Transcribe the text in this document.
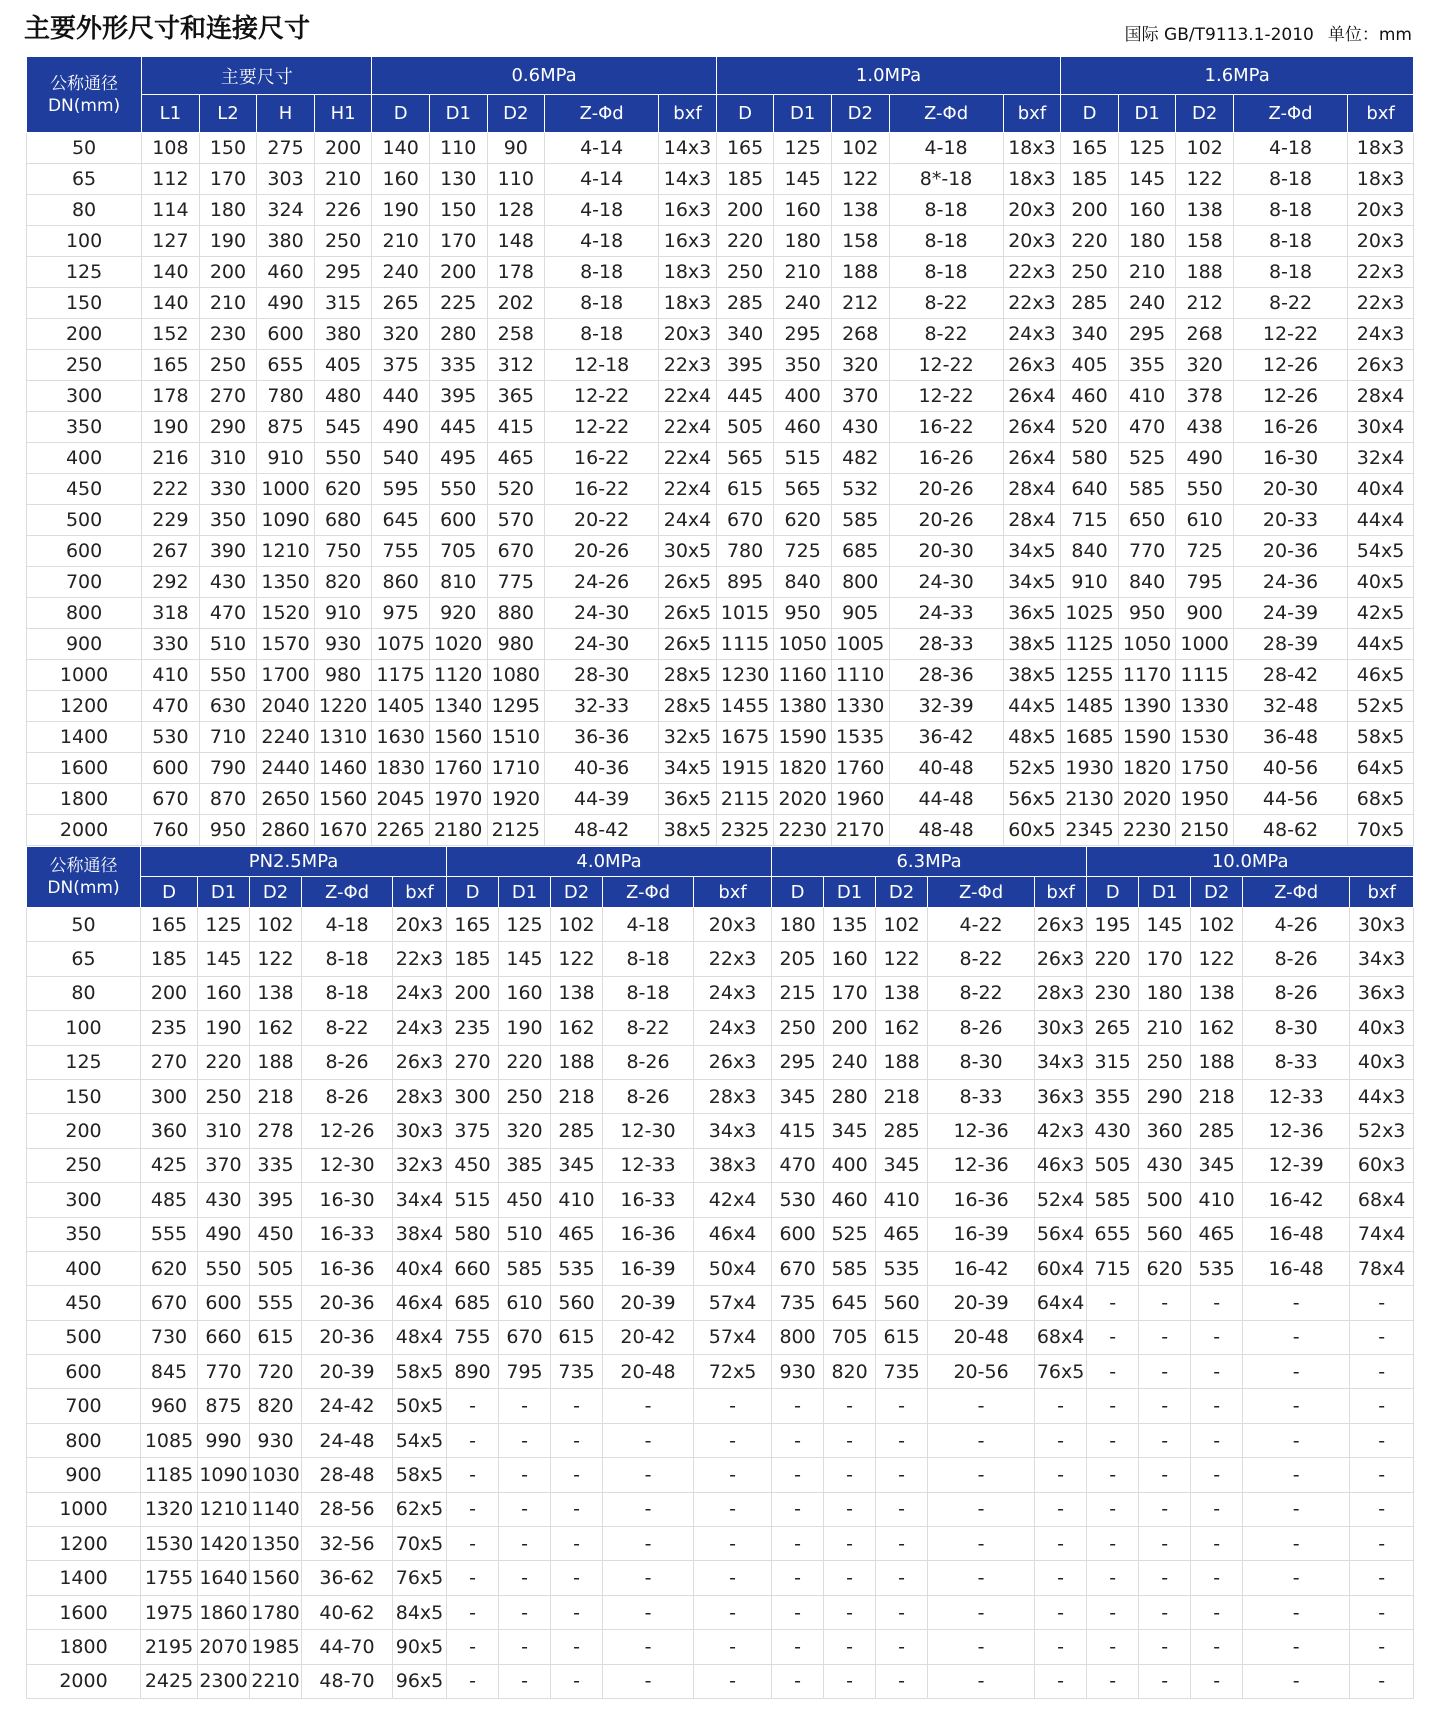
主要外形尺寸和连接尺寸	国际 GB/T9113.1-2010 单位：mm
公称通径
DN(mm)	主要尺寸				0.6MPa					1.0MPa					1.6MPa				
	L1	L2	H	H1	D	D1	D2	Z-Φd	bxf	D	D1	D2	Z-Φd	bxf	D	D1	D2	Z-Φd	bxf
50	108	150	275	200	140	110	90	4-14	14x3	165	125	102	4-18	18x3	165	125	102	4-18	18x3
65	112	170	303	210	160	130	110	4-14	14x3	185	145	122	8*-18	18x3	185	145	122	8-18	18x3
80	114	180	324	226	190	150	128	4-18	16x3	200	160	138	8-18	20x3	200	160	138	8-18	20x3
100	127	190	380	250	210	170	148	4-18	16x3	220	180	158	8-18	20x3	220	180	158	8-18	20x3
125	140	200	460	295	240	200	178	8-18	18x3	250	210	188	8-18	22x3	250	210	188	8-18	22x3
150	140	210	490	315	265	225	202	8-18	18x3	285	240	212	8-22	22x3	285	240	212	8-22	22x3
200	152	230	600	380	320	280	258	8-18	20x3	340	295	268	8-22	24x3	340	295	268	12-22	24x3
250	165	250	655	405	375	335	312	12-18	22x3	395	350	320	12-22	26x3	405	355	320	12-26	26x3
300	178	270	780	480	440	395	365	12-22	22x4	445	400	370	12-22	26x4	460	410	378	12-26	28x4
350	190	290	875	545	490	445	415	12-22	22x4	505	460	430	16-22	26x4	520	470	438	16-26	30x4
400	216	310	910	550	540	495	465	16-22	22x4	565	515	482	16-26	26x4	580	525	490	16-30	32x4
450	222	330	1000	620	595	550	520	16-22	22x4	615	565	532	20-26	28x4	640	585	550	20-30	40x4
500	229	350	1090	680	645	600	570	20-22	24x4	670	620	585	20-26	28x4	715	650	610	20-33	44x4
600	267	390	1210	750	755	705	670	20-26	30x5	780	725	685	20-30	34x5	840	770	725	20-36	54x5
700	292	430	1350	820	860	810	775	24-26	26x5	895	840	800	24-30	34x5	910	840	795	24-36	40x5
800	318	470	1520	910	975	920	880	24-30	26x5	1015	950	905	24-33	36x5	1025	950	900	24-39	42x5
900	330	510	1570	930	1075	1020	980	24-30	26x5	1115	1050	1005	28-33	38x5	1125	1050	1000	28-39	44x5
1000	410	550	1700	980	1175	1120	1080	28-30	28x5	1230	1160	1110	28-36	38x5	1255	1170	1115	28-42	46x5
1200	470	630	2040	1220	1405	1340	1295	32-33	28x5	1455	1380	1330	32-39	44x5	1485	1390	1330	32-48	52x5
1400	530	710	2240	1310	1630	1560	1510	36-36	32x5	1675	1590	1535	36-42	48x5	1685	1590	1530	36-48	58x5
1600	600	790	2440	1460	1830	1760	1710	40-36	34x5	1915	1820	1760	40-48	52x5	1930	1820	1750	40-56	64x5
1800	670	870	2650	1560	2045	1970	1920	44-39	36x5	2115	2020	1960	44-48	56x5	2130	2020	1950	44-56	68x5
2000	760	950	2860	1670	2265	2180	2125	48-42	38x5	2325	2230	2170	48-48	60x5	2345	2230	2150	48-62	70x5
公称通径
DN(mm)	PN2.5MPa					4.0MPa					6.3MPa					10.0MPa				
	D	D1	D2	Z-Φd	bxf	D	D1	D2	Z-Φd	bxf	D	D1	D2	Z-Φd	bxf	D	D1	D2	Z-Φd	bxf
50	165	125	102	4-18	20x3	165	125	102	4-18	20x3	180	135	102	4-22	26x3	195	145	102	4-26	30x3
65	185	145	122	8-18	22x3	185	145	122	8-18	22x3	205	160	122	8-22	26x3	220	170	122	8-26	34x3
80	200	160	138	8-18	24x3	200	160	138	8-18	24x3	215	170	138	8-22	28x3	230	180	138	8-26	36x3
100	235	190	162	8-22	24x3	235	190	162	8-22	24x3	250	200	162	8-26	30x3	265	210	162	8-30	40x3
125	270	220	188	8-26	26x3	270	220	188	8-26	26x3	295	240	188	8-30	34x3	315	250	188	8-33	40x3
150	300	250	218	8-26	28x3	300	250	218	8-26	28x3	345	280	218	8-33	36x3	355	290	218	12-33	44x3
200	360	310	278	12-26	30x3	375	320	285	12-30	34x3	415	345	285	12-36	42x3	430	360	285	12-36	52x3
250	425	370	335	12-30	32x3	450	385	345	12-33	38x3	470	400	345	12-36	46x3	505	430	345	12-39	60x3
300	485	430	395	16-30	34x4	515	450	410	16-33	42x4	530	460	410	16-36	52x4	585	500	410	16-42	68x4
350	555	490	450	16-33	38x4	580	510	465	16-36	46x4	600	525	465	16-39	56x4	655	560	465	16-48	74x4
400	620	550	505	16-36	40x4	660	585	535	16-39	50x4	670	585	535	16-42	60x4	715	620	535	16-48	78x4
450	670	600	555	20-36	46x4	685	610	560	20-39	57x4	735	645	560	20-39	64x4	-	-	-	-	-
500	730	660	615	20-36	48x4	755	670	615	20-42	57x4	800	705	615	20-48	68x4	-	-	-	-	-
600	845	770	720	20-39	58x5	890	795	735	20-48	72x5	930	820	735	20-56	76x5	-	-	-	-	-
700	960	875	820	24-42	50x5	-	-	-	-	-	-	-	-	-	-	-	-	-	-	-
800	1085	990	930	24-48	54x5	-	-	-	-	-	-	-	-	-	-	-	-	-	-	-
900	1185	1090	1030	28-48	58x5	-	-	-	-	-	-	-	-	-	-	-	-	-	-	-
1000	1320	1210	1140	28-56	62x5	-	-	-	-	-	-	-	-	-	-	-	-	-	-	-
1200	1530	1420	1350	32-56	70x5	-	-	-	-	-	-	-	-	-	-	-	-	-	-	-
1400	1755	1640	1560	36-62	76x5	-	-	-	-	-	-	-	-	-	-	-	-	-	-	-
1600	1975	1860	1780	40-62	84x5	-	-	-	-	-	-	-	-	-	-	-	-	-	-	-
1800	2195	2070	1985	44-70	90x5	-	-	-	-	-	-	-	-	-	-	-	-	-	-	-
2000	2425	2300	2210	48-70	96x5	-	-	-	-	-	-	-	-	-	-	-	-	-	-	-
